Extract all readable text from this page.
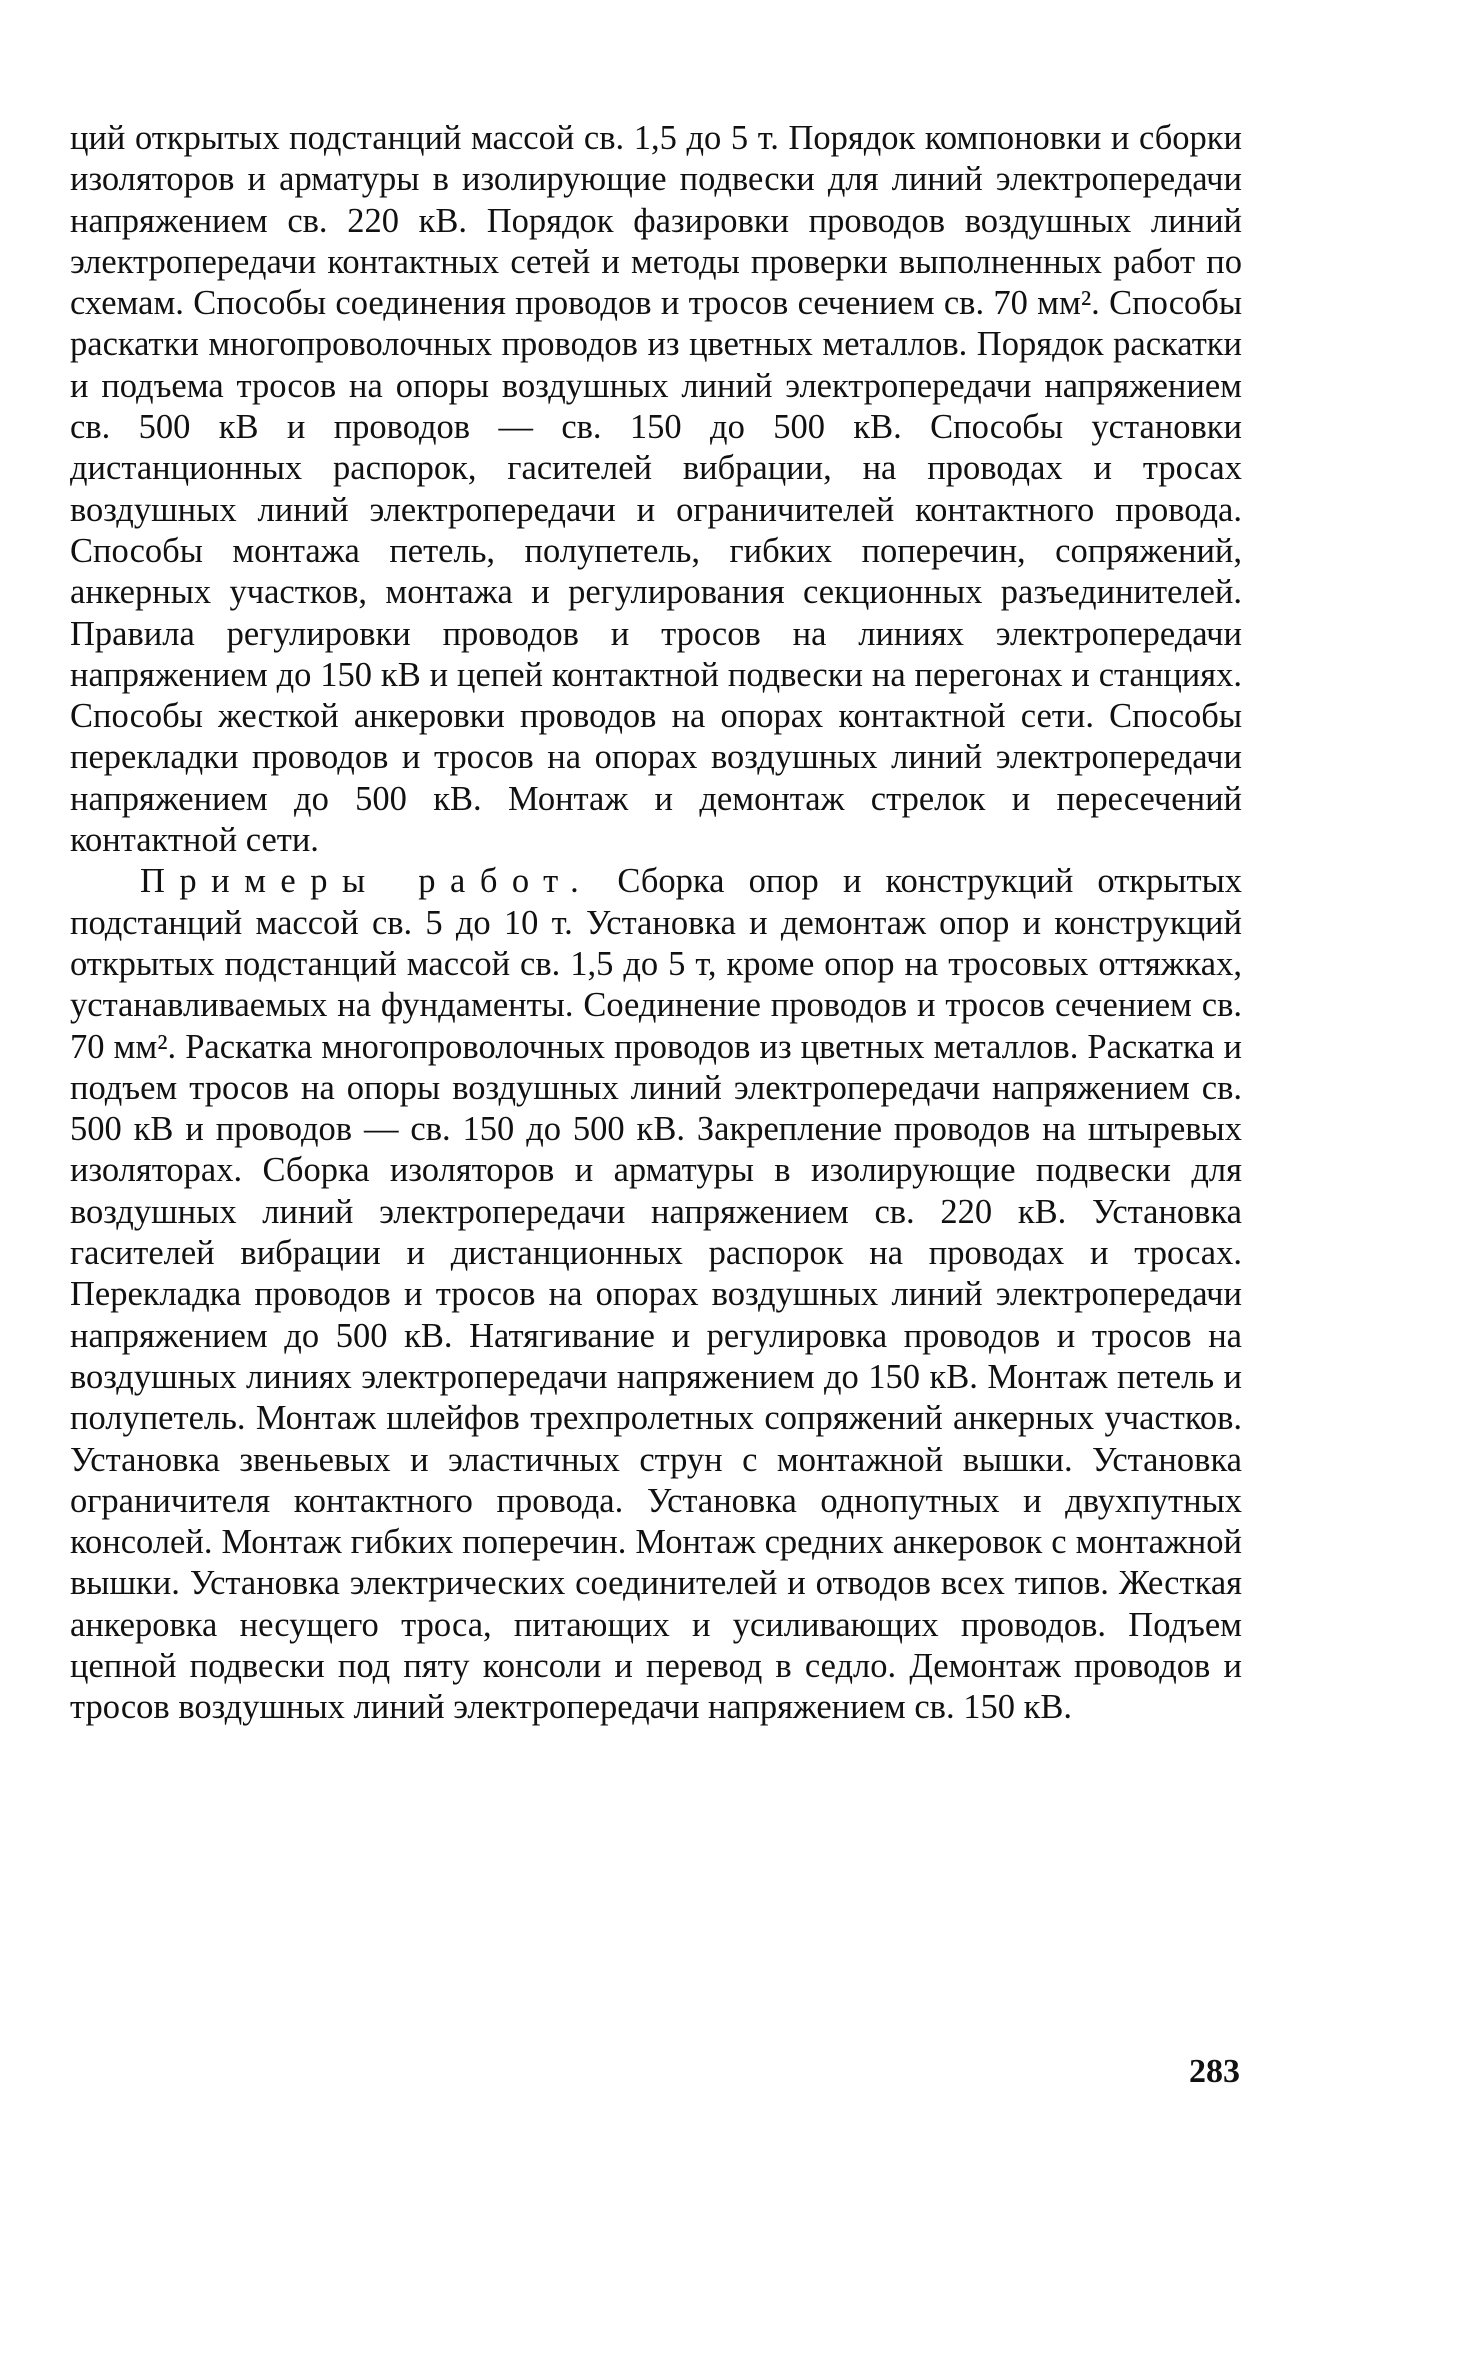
ций открытых подстанций массой св. 1,5 до 5 т. Порядок компоновки и сборки изоляторов и арматуры в изолирующие подвески для линий электропередачи напряжением св. 220 кВ. Порядок фазировки проводов воздушных линий электропередачи контактных сетей и методы проверки выполненных работ по схемам. Способы соединения проводов и тросов сечением св. 70 мм². Способы раскатки многопроволочных проводов из цветных металлов. Порядок раскатки и подъема тросов на опоры воздушных линий электропередачи напряжением св. 500 кВ и проводов — св. 150 до 500 кВ. Способы установки дистанционных распорок, гасителей вибрации, на проводах и тросах воздушных линий электропередачи и ограничителей контактного провода. Способы монтажа петель, полупетель, гибких поперечин, сопряжений, анкерных участков, монтажа и регулирования секционных разъединителей. Правила регулировки проводов и тросов на линиях электропередачи напряжением до 150 кВ и цепей контактной подвески на перегонах и станциях. Способы жесткой анкеровки проводов на опорах контактной сети. Способы перекладки проводов и тросов на опорах воздушных линий электропередачи напряжением до 500 кВ. Монтаж и демонтаж стрелок и пересечений контактной сети.

Примеры работ. Сборка опор и конструкций открытых подстанций массой св. 5 до 10 т. Установка и демонтаж опор и конструкций открытых подстанций массой св. 1,5 до 5 т, кроме опор на тросовых оттяжках, устанавливаемых на фундаменты. Соединение проводов и тросов сечением св. 70 мм². Раскатка многопроволочных проводов из цветных металлов. Раскатка и подъем тросов на опоры воздушных линий электропередачи напряжением св. 500 кВ и проводов — св. 150 до 500 кВ. Закрепление проводов на штыревых изоляторах. Сборка изоляторов и арматуры в изолирующие подвески для воздушных линий электропередачи напряжением св. 220 кВ. Установка гасителей вибрации и дистанционных распорок на проводах и тросах. Перекладка проводов и тросов на опорах воздушных линий электропередачи напряжением до 500 кВ. Натягивание и регулировка проводов и тросов на воздушных линиях электропередачи напряжением до 150 кВ. Монтаж петель и полупетель. Монтаж шлейфов трехпролетных сопряжений анкерных участков. Установка звеньевых и эластичных струн с монтажной вышки. Установка ограничителя контактного провода. Установка однопутных и двухпутных консолей. Монтаж гибких поперечин. Монтаж средних анкеровок с монтажной вышки. Установка электрических соединителей и отводов всех типов. Жесткая анкеровка несущего троса, питающих и усиливающих проводов. Подъем цепной подвески под пяту консоли и перевод в седло. Демонтаж проводов и тросов воздушных линий электропередачи напряжением св. 150 кВ.

283
